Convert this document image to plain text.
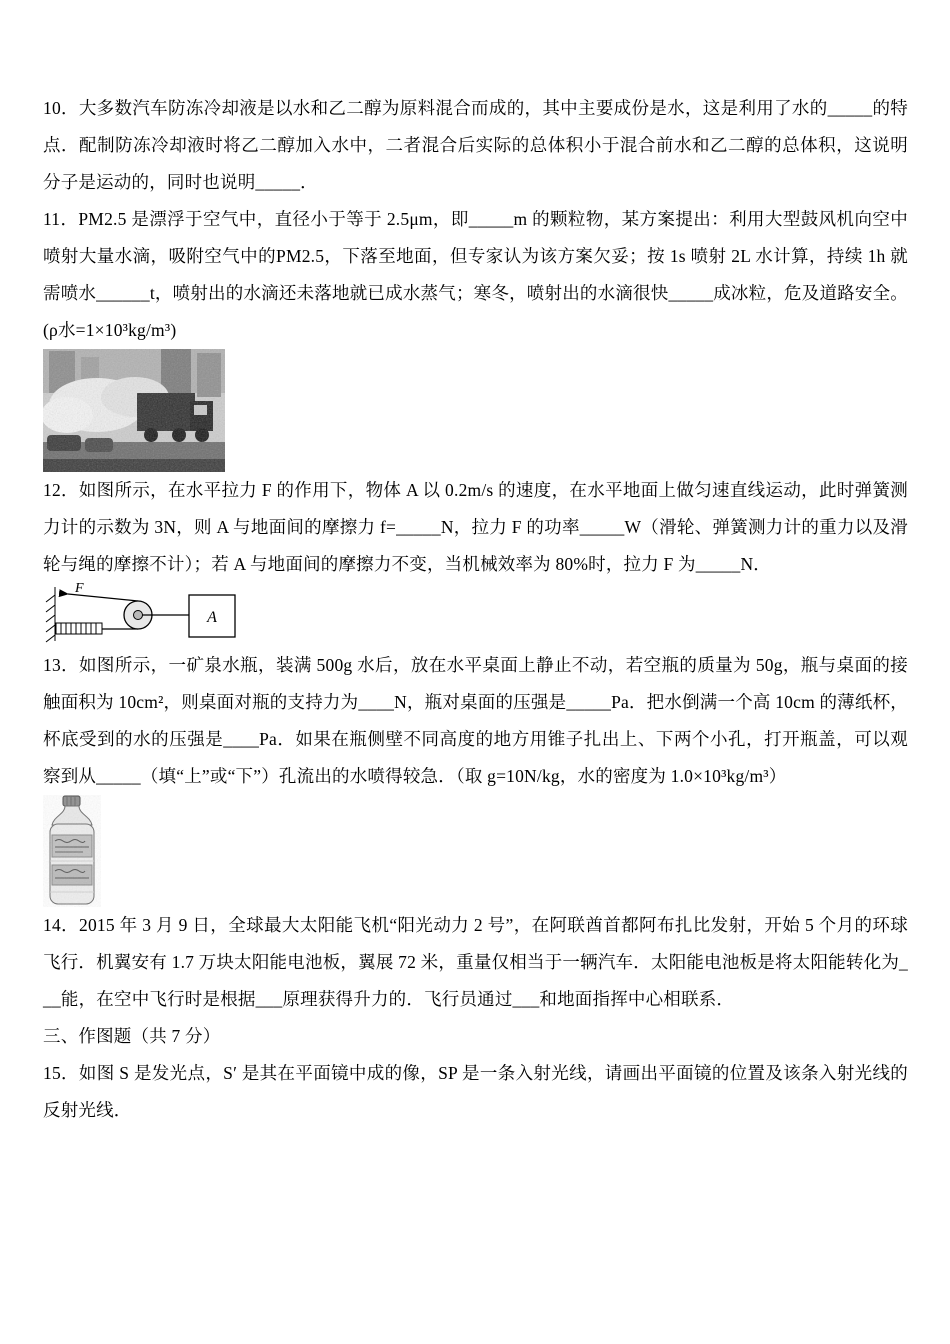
10．大多数汽车防冻冷却液是以水和乙二醇为原料混合而成的，其中主要成份是水，这是利用了水的_____的特点．配制防冻冷却液时将乙二醇加入水中，二者混合后实际的总体积小于混合前水和乙二醇的总体积，这说明分子是运动的，同时也说明_____．

11．PM2.5 是漂浮于空气中，直径小于等于 2.5μm，即_____m 的颗粒物，某方案提出：利用大型鼓风机向空中喷射大量水滴，吸附空气中的PM2.5，下落至地面，但专家认为该方案欠妥；按 1s 喷射 2L 水计算，持续 1h 就需喷水______t，喷射出的水滴还未落地就已成水蒸气；寒冬，喷射出的水滴很快_____成冰粒，危及道路安全。(ρ水=1×10³kg/m³)

12．如图所示，在水平拉力 F 的作用下，物体 A 以 0.2m/s 的速度，在水平地面上做匀速直线运动，此时弹簧测力计的示数为 3N，则 A 与地面间的摩擦力 f=_____N，拉力 F 的功率_____W（滑轮、弹簧测力计的重力以及滑轮与绳的摩擦不计）；若 A 与地面间的摩擦力不变，当机械效率为 80%时，拉力 F 为_____N．

F
A

13．如图所示，一矿泉水瓶，装满 500g 水后，放在水平桌面上静止不动，若空瓶的质量为 50g，瓶与桌面的接触面积为 10cm²，则桌面对瓶的支持力为____N，瓶对桌面的压强是_____Pa．把水倒满一个高 10cm 的薄纸杯，杯底受到的水的压强是____Pa．如果在瓶侧壁不同高度的地方用锥子扎出上、下两个小孔，打开瓶盖，可以观察到从_____（填“上”或“下”）孔流出的水喷得较急．（取 g=10N/kg，水的密度为 1.0×10³kg/m³）

14．2015 年 3 月 9 日，全球最大太阳能飞机“阳光动力 2 号”，在阿联酋首都阿布扎比发射，开始 5 个月的环球飞行．机翼安有 1.7 万块太阳能电池板，翼展 72 米，重量仅相当于一辆汽车．太阳能电池板是将太阳能转化为___能，在空中飞行时是根据___原理获得升力的．飞行员通过___和地面指挥中心相联系．

三、作图题（共 7 分）

15．如图 S 是发光点，S′ 是其在平面镜中成的像，SP 是一条入射光线，请画出平面镜的位置及该条入射光线的反射光线．
